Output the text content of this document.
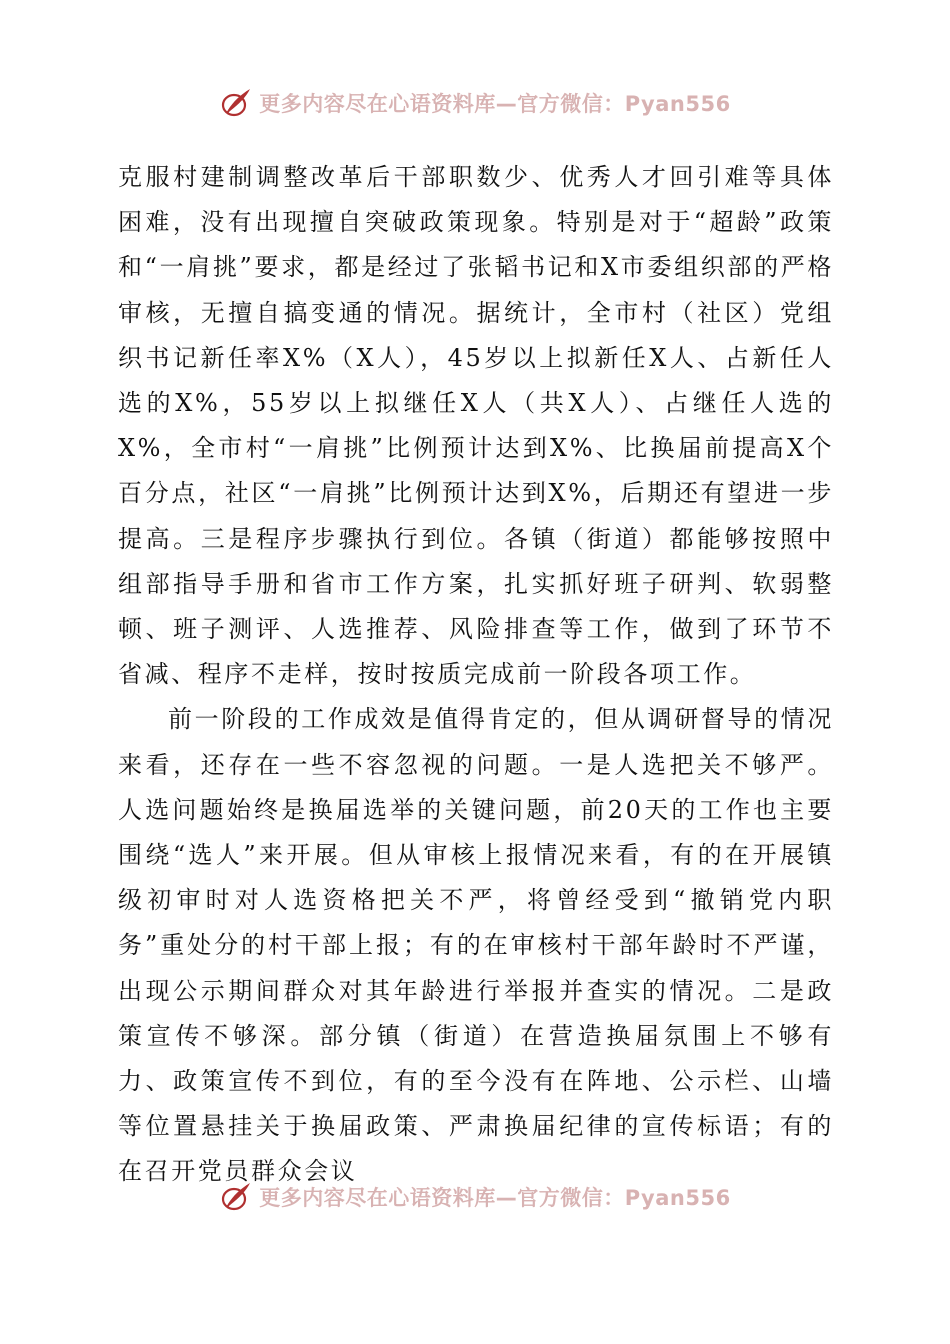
更多内容尽在心语资料库—官方微信：Pyan556

克服村建制调整改革后干部职数少、优秀人才回引难等具体困难，没有出现擅自突破政策现象。特别是对于“超龄”政策和“一肩挑”要求，都是经过了张韬书记和X市委组织部的严格审核，无擅自搞变通的情况。据统计，全市村（社区）党组织书记新任率X%（X人），45岁以上拟新任X人、占新任人选的X%，55岁以上拟继任X人（共X人）、占继任人选的X%，全市村“一肩挑”比例预计达到X%、比换届前提高X个百分点，社区“一肩挑”比例预计达到X%，后期还有望进一步提高。三是程序步骤执行到位。各镇（街道）都能够按照中组部指导手册和省市工作方案，扎实抓好班子研判、软弱整顿、班子测评、人选推荐、风险排查等工作，做到了环节不省减、程序不走样，按时按质完成前一阶段各项工作。

前一阶段的工作成效是值得肯定的，但从调研督导的情况来看，还存在一些不容忽视的问题。一是人选把关不够严。人选问题始终是换届选举的关键问题，前20天的工作也主要围绕“选人”来开展。但从审核上报情况来看，有的在开展镇级初审时对人选资格把关不严，将曾经受到“撤销党内职务”重处分的村干部上报；有的在审核村干部年龄时不严谨，出现公示期间群众对其年龄进行举报并查实的情况。二是政策宣传不够深。部分镇（街道）在营造换届氛围上不够有力、政策宣传不到位，有的至今没有在阵地、公示栏、山墙等位置悬挂关于换届政策、严肃换届纪律的宣传标语；有的在召开党员群众会议

更多内容尽在心语资料库—官方微信：Pyan556
